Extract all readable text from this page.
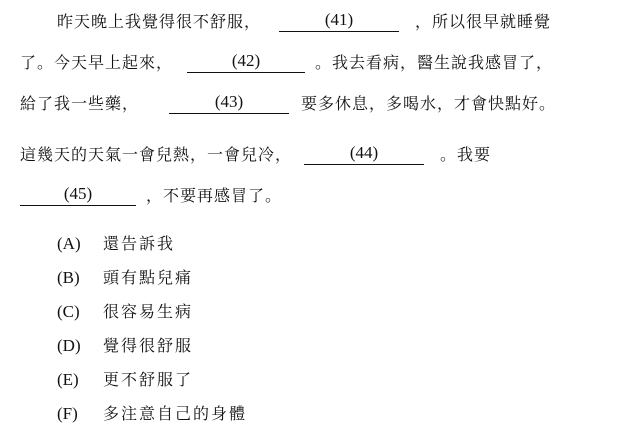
昨天晚上我覺得很不舒服，	(41)	，所以很早就睡覺
了。今天早上起來，	(42)	。我去看病，醫生說我感冒了，
給了我一些藥，	(43)	要多休息，多喝水，才會快點好。
這幾天的天氣一會兒熱，一會兒冷，	(44)	。我要
(45)	，不要再感冒了。
(A) 還告訴我
(B) 頭有點兒痛
(C) 很容易生病
(D) 覺得很舒服
(E) 更不舒服了
(F) 多注意自己的身體
